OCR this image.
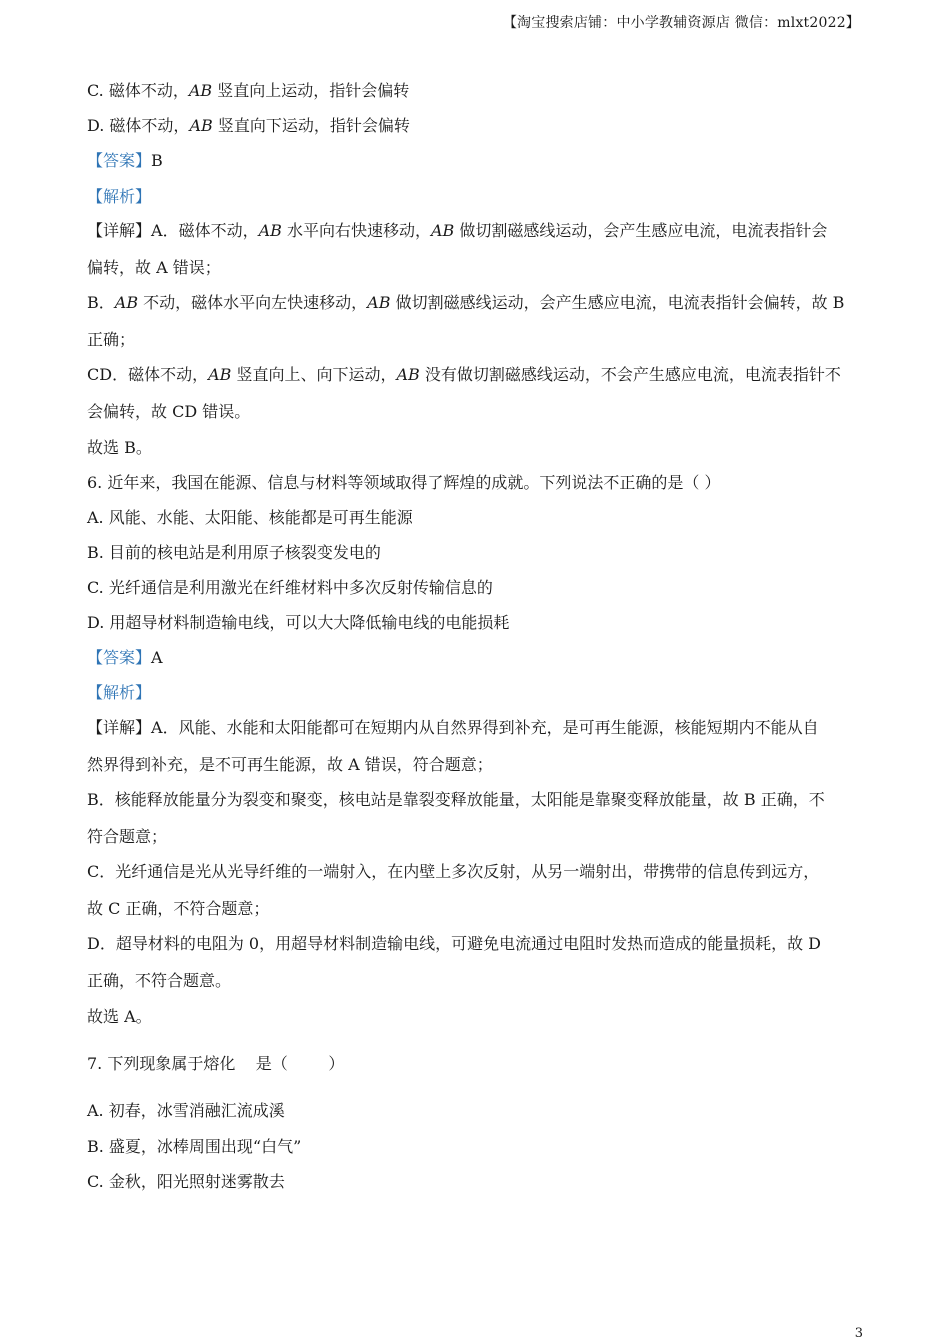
【淘宝搜索店铺：中小学教辅资源店 微信：mlxt2022】
C. 磁体不动，AB 竖直向上运动，指针会偏转
D. 磁体不动，AB 竖直向下运动，指针会偏转
【答案】B
【解析】
【详解】A．磁体不动，AB 水平向右快速移动，AB 做切割磁感线运动，会产生感应电流，电流表指针会
偏转，故 A 错误；
B．AB 不动，磁体水平向左快速移动，AB 做切割磁感线运动，会产生感应电流，电流表指针会偏转，故 B
正确；
CD．磁体不动，AB 竖直向上、向下运动，AB 没有做切割磁感线运动，不会产生感应电流，电流表指针不
会偏转，故 CD 错误。
故选 B。
6. 近年来，我国在能源、信息与材料等领域取得了辉煌的成就。下列说法不正确的是（ ）
A. 风能、水能、太阳能、核能都是可再生能源
B. 目前的核电站是利用原子核裂变发电的
C. 光纤通信是利用激光在纤维材料中多次反射传输信息的
D. 用超导材料制造输电线，可以大大降低输电线的电能损耗
【答案】A
【解析】
【详解】A．风能、水能和太阳能都可在短期内从自然界得到补充，是可再生能源，核能短期内不能从自
然界得到补充，是不可再生能源，故 A 错误，符合题意；
B．核能释放能量分为裂变和聚变，核电站是靠裂变释放能量，太阳能是靠聚变释放能量，故 B 正确，不
符合题意；
C．光纤通信是光从光导纤维的一端射入，在内壁上多次反射，从另一端射出，带携带的信息传到远方，
故 C 正确，不符合题意；
D．超导材料的电阻为 0，用超导材料制造输电线，可避免电流通过电阻时发热而造成的能量损耗，故 D
正确，不符合题意。
故选 A。
7. 下列现象属于熔化    是（        ）
A. 初春，冰雪消融汇流成溪
B. 盛夏，冰棒周围出现“白气”
C. 金秋，阳光照射迷雾散去
3
